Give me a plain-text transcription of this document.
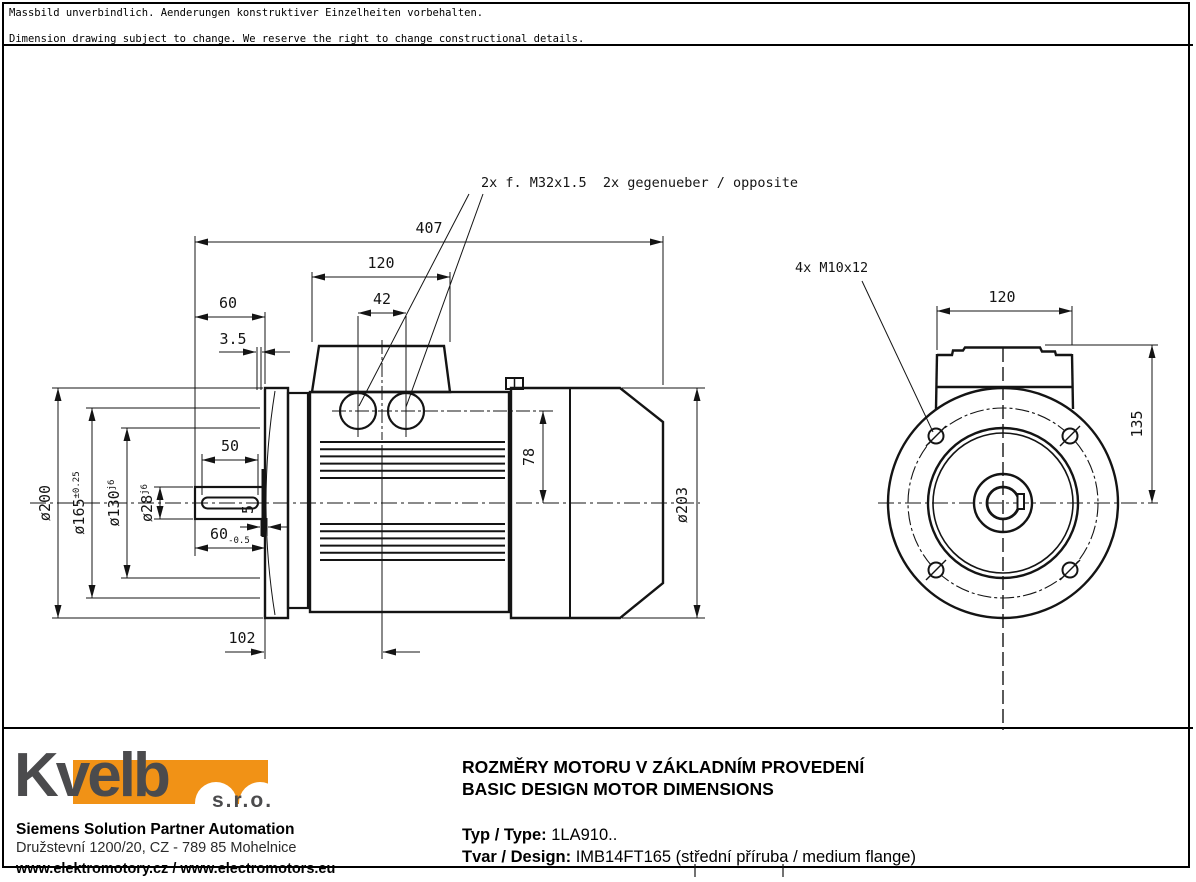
Massbild unverbindlich. Aenderungen konstruktiver Einzelheiten vorbehalten.

Dimension drawing subject to change. We reserve the right to change constructional details.
407
120
42
60
3.5
50
$60_{-0.5}$
5
78
ø203
102
ø200 $ø165^{\pm 0.25}$
$ø130^{j6}$
$ø28^{j6}$
2x f. M32x1.5  2x gegenueber / opposite
120
135
4x M10x12
Kvelb s.r.o.
Siemens Solution Partner Automation
Družstevní 1200/20, CZ - 789 85 Mohelnice
www.elektromotory.cz / www.electromotors.eu
ROZMĚRY MOTORU V ZÁKLADNÍM PROVEDENÍ
BASIC DESIGN MOTOR DIMENSIONS
Typ / Type: 1LA910..
Tvar / Design: IMB14FT165 (střední příruba / medium flange)
